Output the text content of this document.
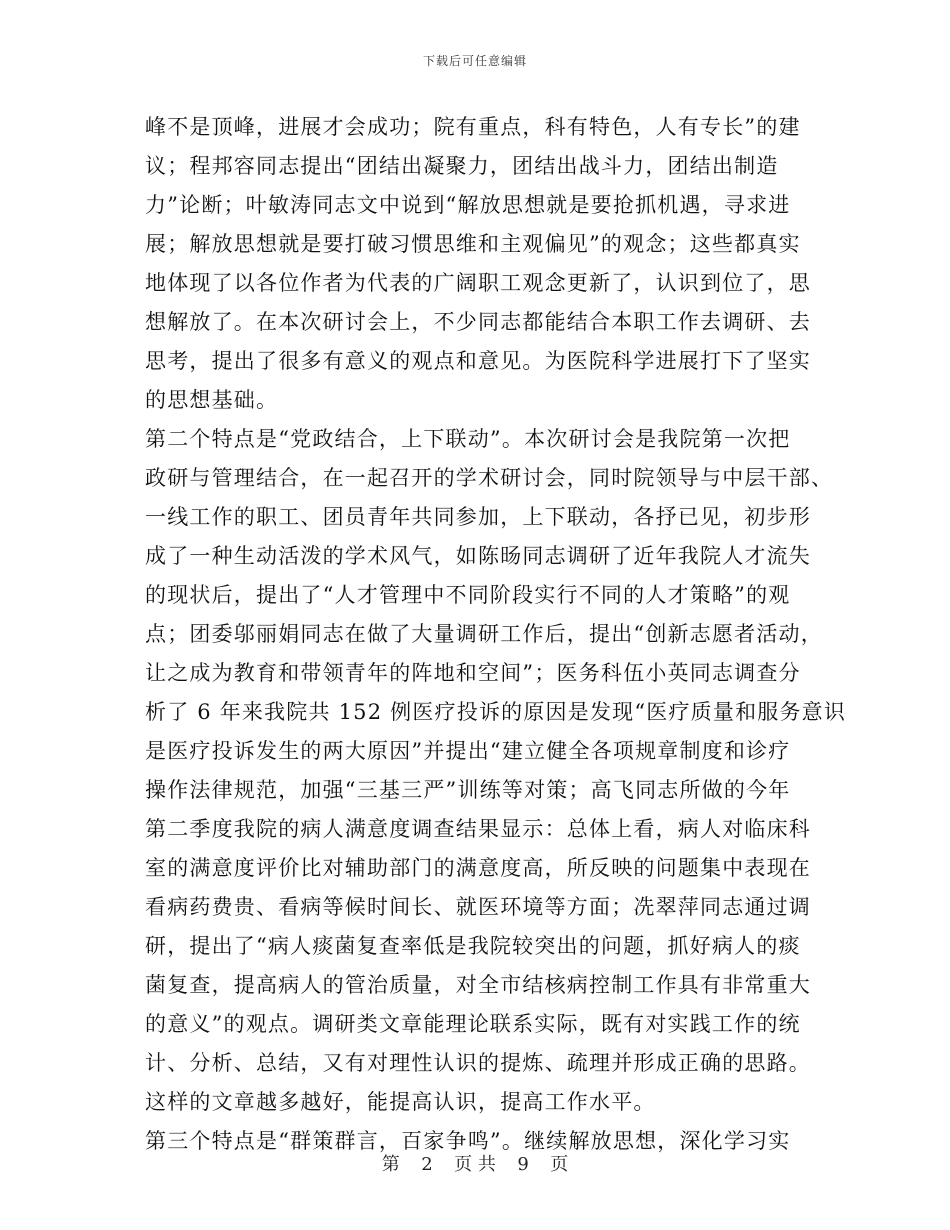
下载后可任意编辑
峰不是顶峰，进展才会成功；院有重点，科有特色，人有专长”的建
议；程邦容同志提出“团结出凝聚力，团结出战斗力，团结出制造
力”论断；叶敏涛同志文中说到“解放思想就是要抢抓机遇，寻求进
展；解放思想就是要打破习惯思维和主观偏见”的观念；这些都真实
地体现了以各位作者为代表的广阔职工观念更新了，认识到位了，思
想解放了。在本次研讨会上，不少同志都能结合本职工作去调研、去
思考，提出了很多有意义的观点和意见。为医院科学进展打下了坚实
的思想基础。
第二个特点是“党政结合，上下联动”。本次研讨会是我院第一次把
政研与管理结合，在一起召开的学术研讨会，同时院领导与中层干部、
一线工作的职工、团员青年共同参加，上下联动，各抒已见，初步形
成了一种生动活泼的学术风气，如陈旸同志调研了近年我院人才流失
的现状后，提出了“人才管理中不同阶段实行不同的人才策略”的观
点；团委邬丽娟同志在做了大量调研工作后，提出“创新志愿者活动，
让之成为教育和带领青年的阵地和空间”；医务科伍小英同志调查分
析了 6 年来我院共 152 例医疗投诉的原因是发现“医疗质量和服务意识
是医疗投诉发生的两大原因”并提出“建立健全各项规章制度和诊疗
操作法律规范，加强“三基三严”训练等对策；高飞同志所做的今年
第二季度我院的病人满意度调查结果显示：总体上看，病人对临床科
室的满意度评价比对辅助部门的满意度高，所反映的问题集中表现在
看病药费贵、看病等候时间长、就医环境等方面；冼翠萍同志通过调
研，提出了“病人痰菌复查率低是我院较突出的问题，抓好病人的痰
菌复查，提高病人的管治质量，对全市结核病控制工作具有非常重大
的意义”的观点。调研类文章能理论联系实际，既有对实践工作的统
计、分析、总结，又有对理性认识的提炼、疏理并形成正确的思路。
这样的文章越多越好，能提高认识，提高工作水平。
第三个特点是“群策群言，百家争鸣”。继续解放思想，深化学习实
第 2 页 共 9 页
